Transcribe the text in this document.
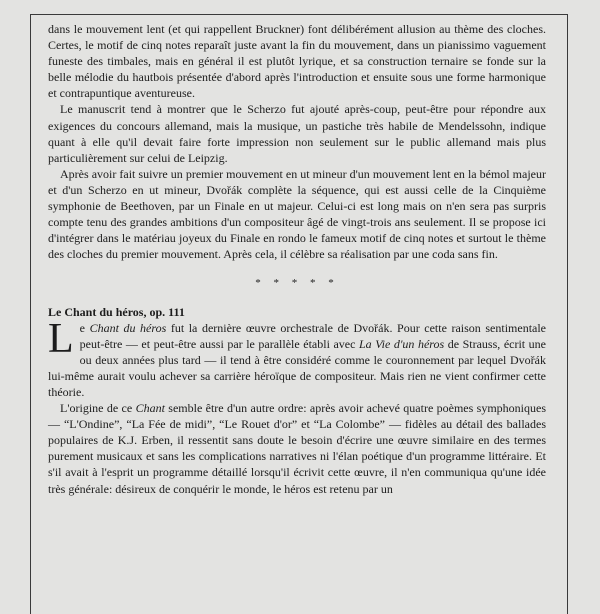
dans le mouvement lent (et qui rappellent Bruckner) font délibérément allusion au thème des cloches. Certes, le motif de cinq notes reparaît juste avant la fin du mouvement, dans un pianissimo vaguement funeste des timbales, mais en général il est plutôt lyrique, et sa construction ternaire se fonde sur la belle mélodie du hautbois présentée d'abord après l'introduction et ensuite sous une forme harmonique et contrapuntique aventureuse.

Le manuscrit tend à montrer que le Scherzo fut ajouté après-coup, peut-être pour répondre aux exigences du concours allemand, mais la musique, un pastiche très habile de Mendelssohn, indique quant à elle qu'il devait faire forte impression non seulement sur le public allemand mais plus particulièrement sur celui de Leipzig.

Après avoir fait suivre un premier mouvement en ut mineur d'un mouvement lent en la bémol majeur et d'un Scherzo en ut mineur, Dvořák complète la séquence, qui est aussi celle de la Cinquième symphonie de Beethoven, par un Finale en ut majeur. Celui-ci est long mais on n'en sera pas surpris compte tenu des grandes ambitions d'un compositeur âgé de vingt-trois ans seulement. Il se propose ici d'intégrer dans le matériau joyeux du Finale en rondo le fameux motif de cinq notes et surtout le thème des cloches du premier mouvement. Après cela, il célèbre sa réalisation par une coda sans fin.

* * * * *

Le Chant du héros, op. 111

Le Chant du héros fut la dernière œuvre orchestrale de Dvořák. Pour cette raison sentimentale peut-être — et peut-être aussi par le parallèle établi avec La Vie d'un héros de Strauss, écrit une ou deux années plus tard — il tend à être considéré comme le couronnement par lequel Dvořák lui-même aurait voulu achever sa carrière héroïque de compositeur. Mais rien ne vient confirmer cette théorie.

L'origine de ce Chant semble être d'un autre ordre: après avoir achevé quatre poèmes symphoniques — “L'Ondine”, “La Fée de midi”, “Le Rouet d'or” et “La Colombe” — fidèles au détail des ballades populaires de K.J. Erben, il ressentit sans doute le besoin d'écrire une œuvre similaire en des termes purement musicaux et sans les complications narratives ni l'élan poétique d'un programme littéraire. Et s'il avait à l'esprit un programme détaillé lorsqu'il écrivit cette œuvre, il n'en communiqua qu'une idée très générale: désireux de conquérir le monde, le héros est retenu par un
